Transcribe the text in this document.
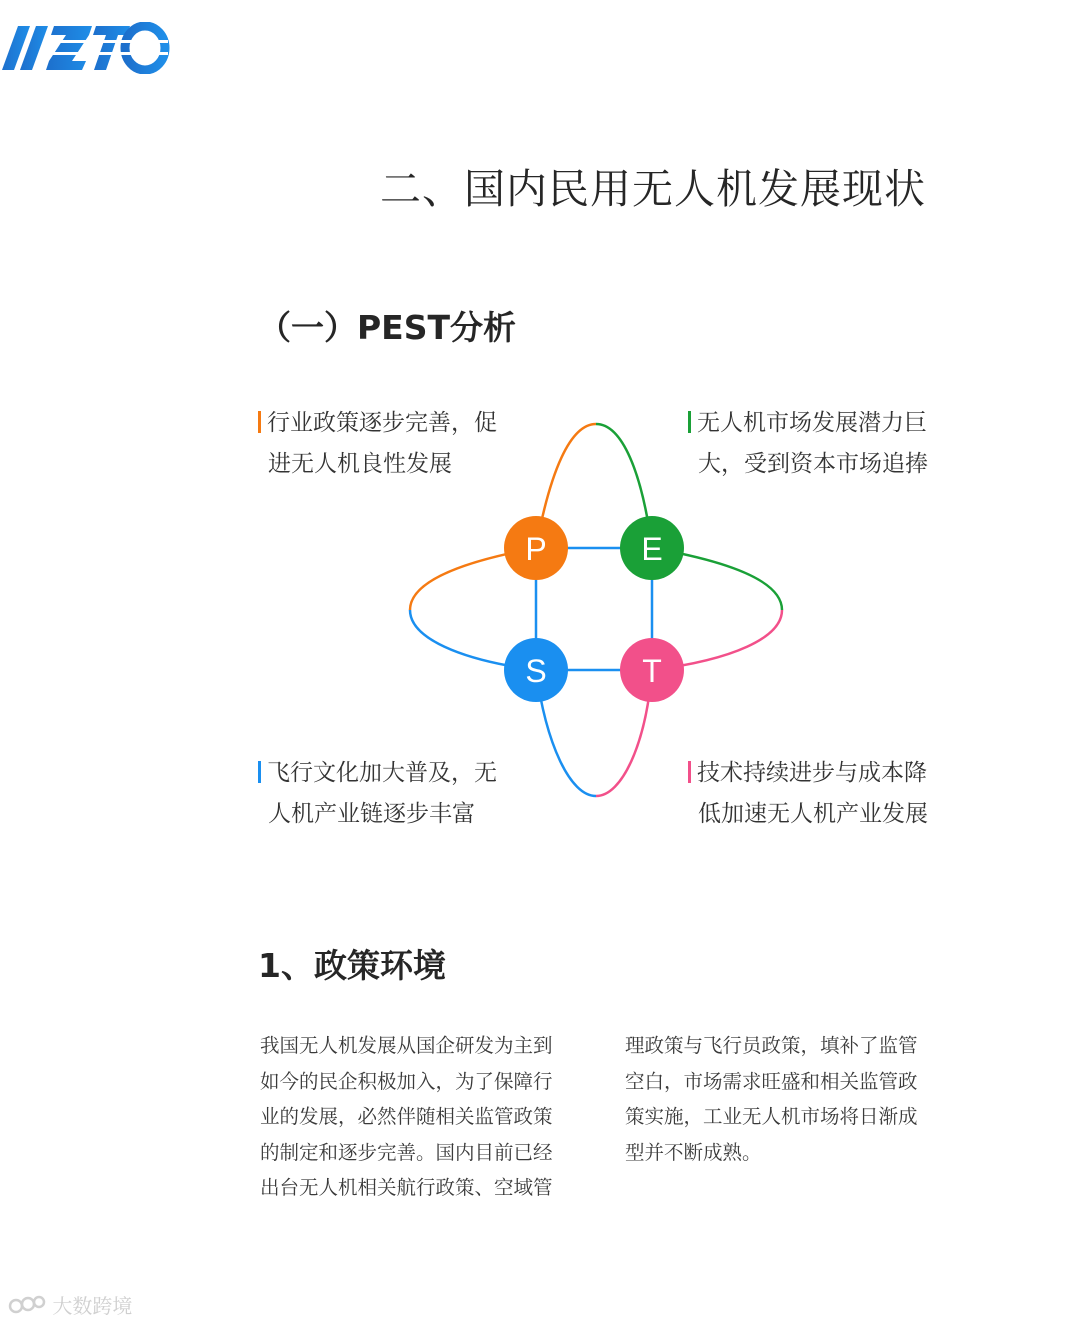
二、国内民用无人机发展现状
（一）PEST分析
P	E
S	T
行业政策逐步完善，促
进无人机良性发展
无人机市场发展潜力巨
大，受到资本市场追捧
飞行文化加大普及，无
人机产业链逐步丰富
技术持续进步与成本降
低加速无人机产业发展
1、政策环境

我国无人机发展从国企研发为主到
如今的民企积极加入，为了保障行
业的发展，必然伴随相关监管政策
的制定和逐步完善。国内目前已经
出台无人机相关航行政策、空域管

理政策与飞行员政策，填补了监管
空白，市场需求旺盛和相关监管政
策实施，工业无人机市场将日渐成
型并不断成熟。

大数跨境
